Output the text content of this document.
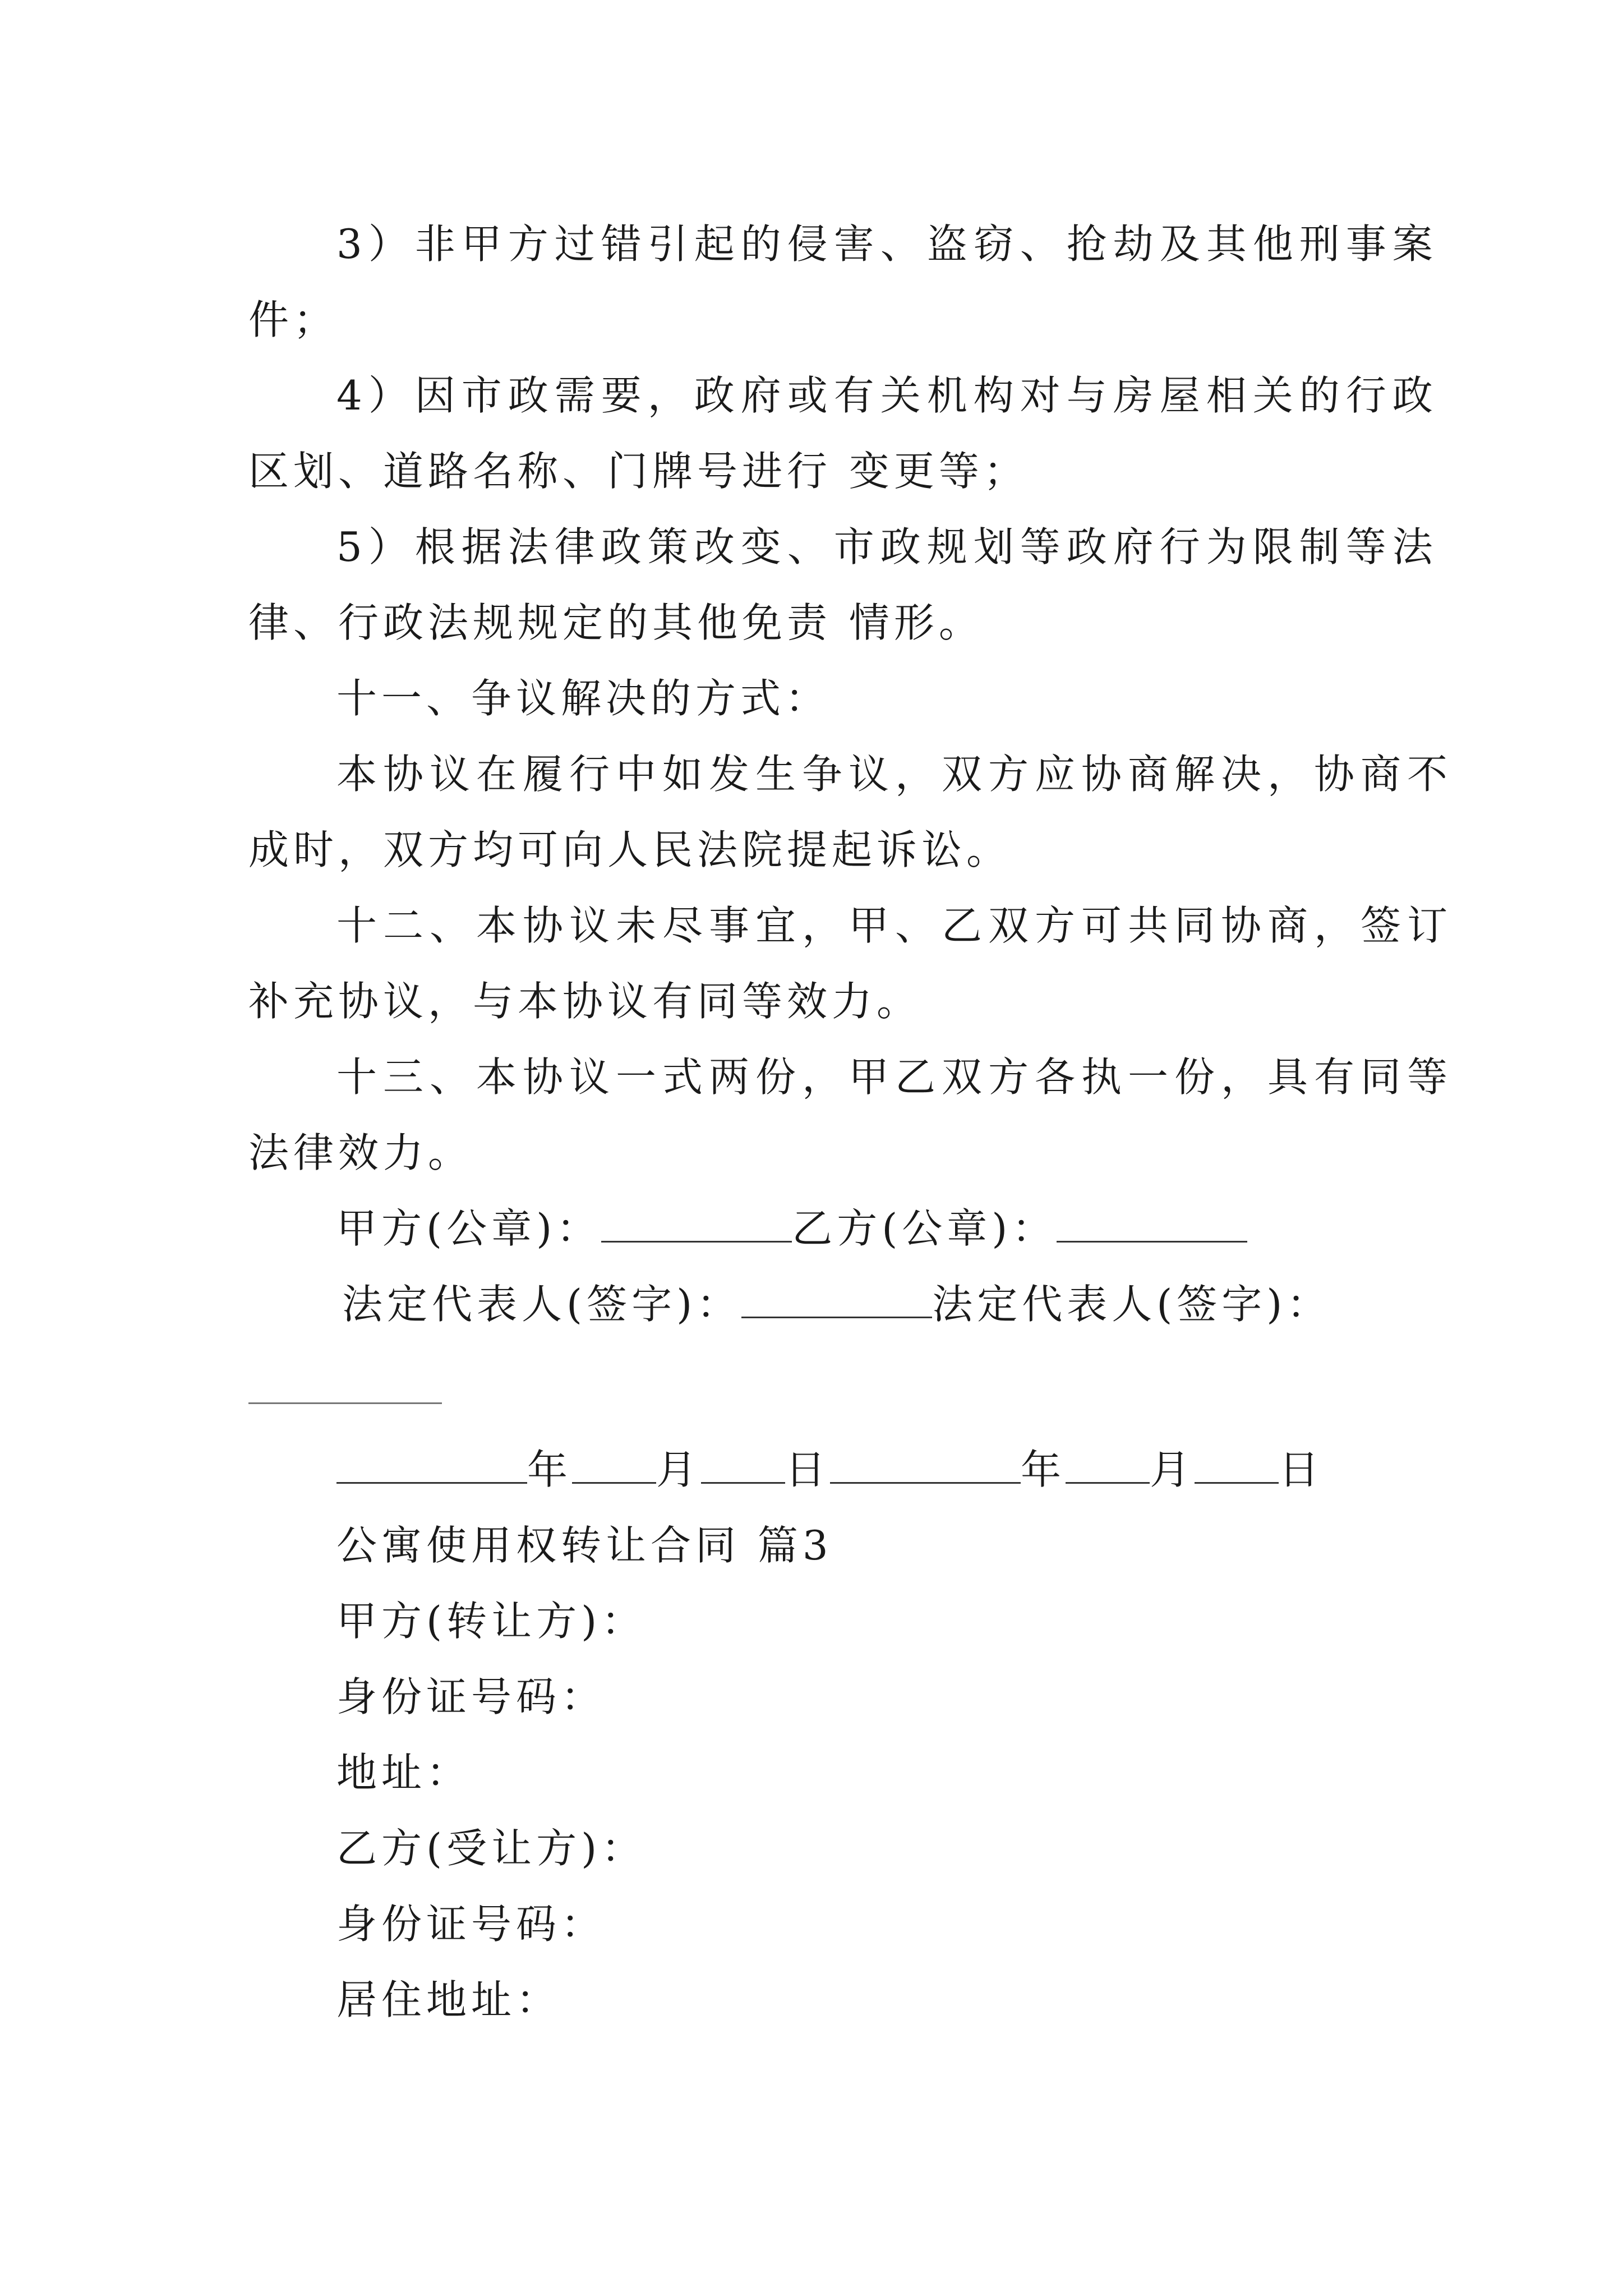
3）非甲方过错引起的侵害、盗窃、抢劫及其他刑事案
件；
4）因市政需要，政府或有关机构对与房屋相关的行政
区划、道路名称、门牌号进行 变更等；
5）根据法律政策改变、市政规划等政府行为限制等法
律、行政法规规定的其他免责 情形。
十一、争议解决的方式：
本协议在履行中如发生争议，双方应协商解决，协商不
成时，双方均可向人民法院提起诉讼。
十二、本协议未尽事宜，甲、乙双方可共同协商，签订
补充协议，与本协议有同等效力。
十三、本协议一式两份，甲乙双方各执一份，具有同等
法律效力。
甲方(公章)：	乙方(公章)：
法定代表人(签字)：	法定代表人(签字)：
年 月 日	年 月 日
公寓使用权转让合同 篇3
甲方(转让方)：
身份证号码：
地址：
乙方(受让方)：
身份证号码：
居住地址：
